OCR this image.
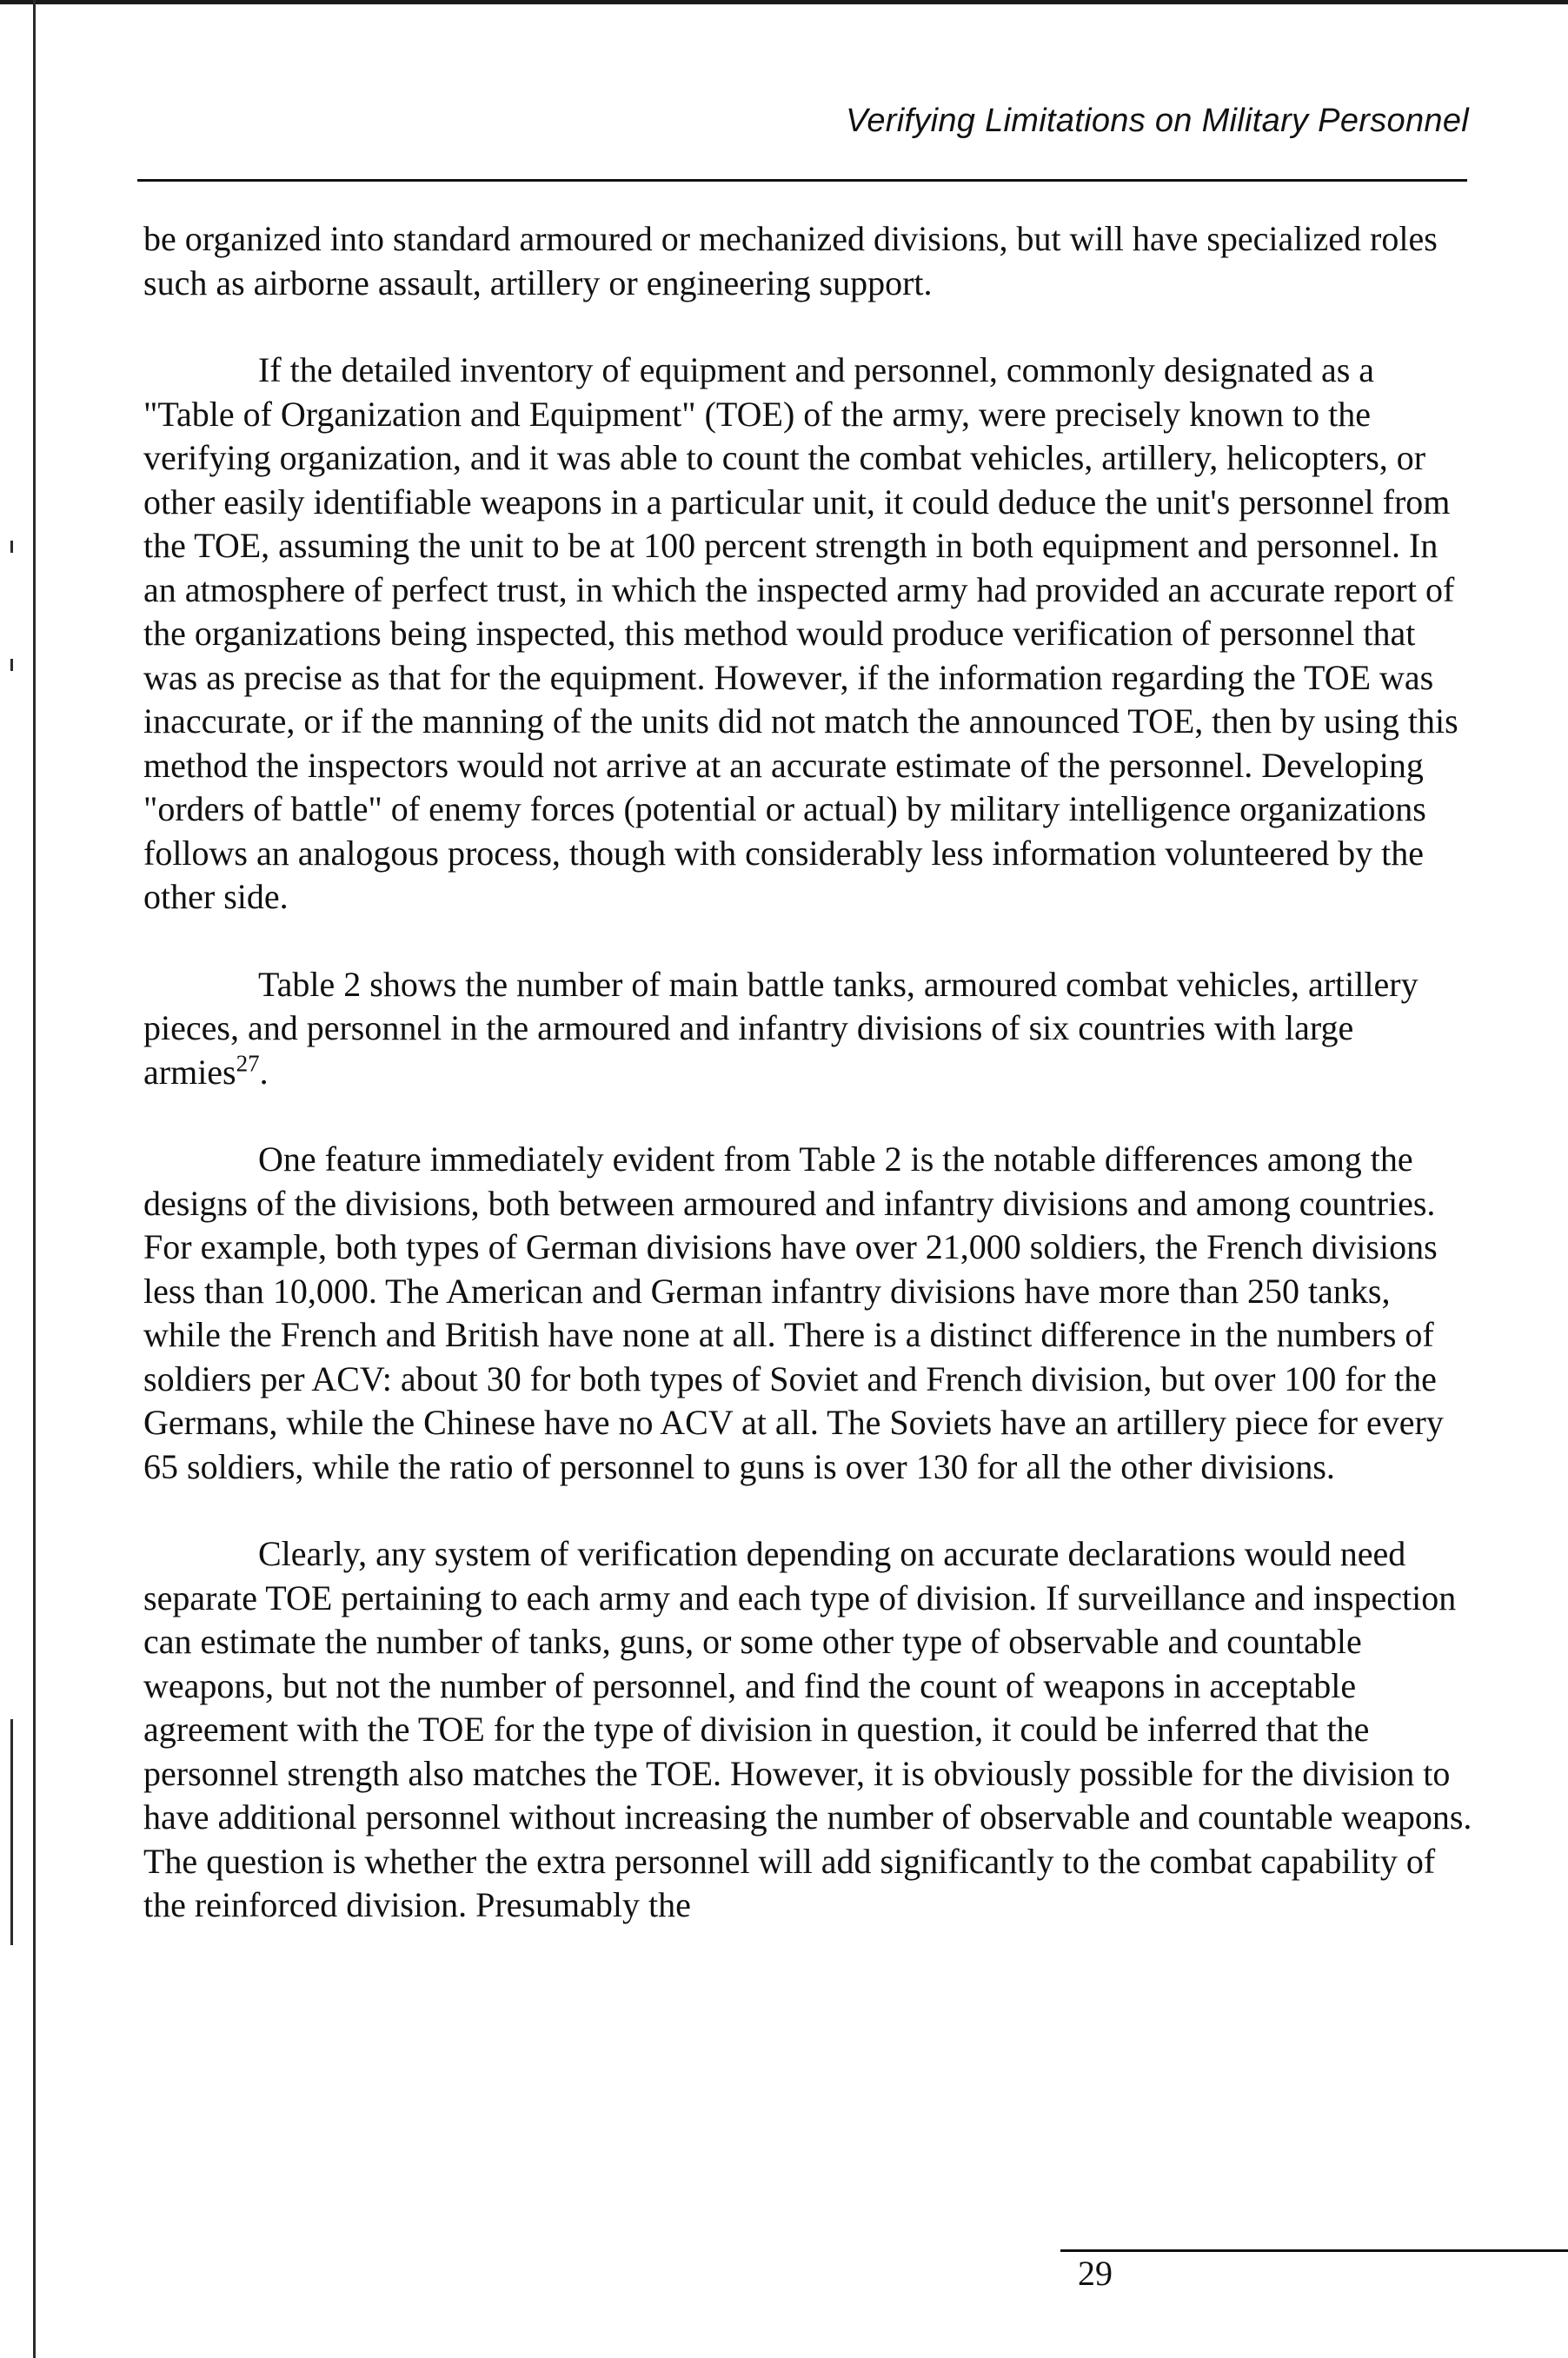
Verifying Limitations on Military Personnel

be organized into standard armoured or mechanized divisions, but will have specialized roles such as airborne assault, artillery or engineering support.

If the detailed inventory of equipment and personnel, commonly designated as a "Table of Organization and Equipment" (TOE) of the army, were precisely known to the verifying organization, and it was able to count the combat vehicles, artillery, helicopters, or other easily identifiable weapons in a particular unit, it could deduce the unit's personnel from the TOE, assuming the unit to be at 100 percent strength in both equipment and personnel. In an atmosphere of perfect trust, in which the inspected army had provided an accurate report of the organizations being inspected, this method would produce verification of personnel that was as precise as that for the equipment. However, if the information regarding the TOE was inaccurate, or if the manning of the units did not match the announced TOE, then by using this method the inspectors would not arrive at an accurate estimate of the personnel. Developing "orders of battle" of enemy forces (potential or actual) by military intelligence organizations follows an analogous process, though with considerably less information volunteered by the other side.

Table 2 shows the number of main battle tanks, armoured combat vehicles, artillery pieces, and personnel in the armoured and infantry divisions of six countries with large armies$^{27}$.

One feature immediately evident from Table 2 is the notable differences among the designs of the divisions, both between armoured and infantry divisions and among countries. For example, both types of German divisions have over 21,000 soldiers, the French divisions less than 10,000. The American and German infantry divisions have more than 250 tanks, while the French and British have none at all. There is a distinct difference in the numbers of soldiers per ACV: about 30 for both types of Soviet and French division, but over 100 for the Germans, while the Chinese have no ACV at all. The Soviets have an artillery piece for every 65 soldiers, while the ratio of personnel to guns is over 130 for all the other divisions.

Clearly, any system of verification depending on accurate declarations would need separate TOE pertaining to each army and each type of division. If surveillance and inspection can estimate the number of tanks, guns, or some other type of observable and countable weapons, but not the number of personnel, and find the count of weapons in acceptable agreement with the TOE for the type of division in question, it could be inferred that the personnel strength also matches the TOE. However, it is obviously possible for the division to have additional personnel without increasing the number of observable and countable weapons. The question is whether the extra personnel will add significantly to the combat capability of the reinforced division. Presumably the

29
